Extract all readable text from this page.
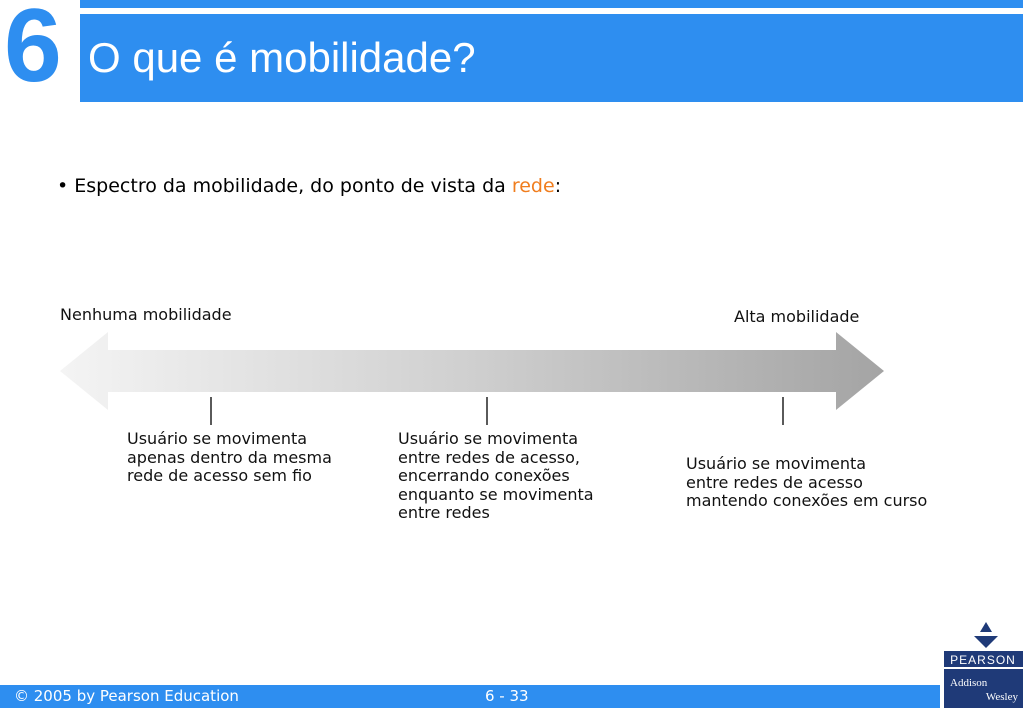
6 O que é mobilidade?
• Espectro da mobilidade, do ponto de vista da rede:
Nenhuma mobilidade	Alta mobilidade
Usuário se movimenta
apenas dentro da mesma
rede de acesso sem fio
Usuário se movimenta
entre redes de acesso,
encerrando conexões
enquanto se movimenta
entre redes
Usuário se movimenta
entre redes de acesso
mantendo conexões em curso
© 2005 by Pearson Education	6 - 33
PEARSON
Addison
Wesley
